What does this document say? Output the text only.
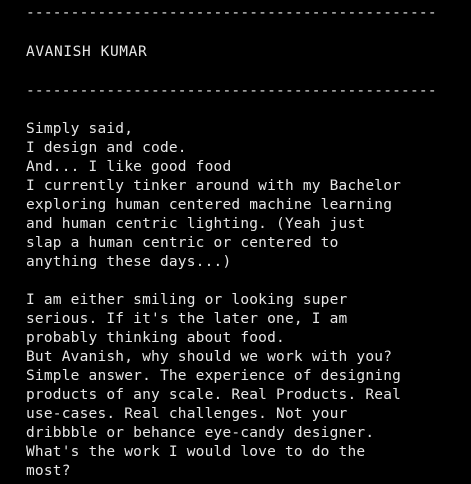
----------------------------------------------
AVANISH KUMAR
----------------------------------------------
Simply said,
I design and code.
And... I like good food
I currently tinker around with my Bachelor
exploring human centered machine learning
and human centric lighting. (Yeah just
slap a human centric or centered to
anything these days...)
I am either smiling or looking super
serious. If it's the later one, I am
probably thinking about food.
But Avanish, why should we work with you?
Simple answer. The experience of designing
products of any scale. Real Products. Real
use-cases. Real challenges. Not your
dribbble or behance eye-candy designer.
What's the work I would love to do the
most?
